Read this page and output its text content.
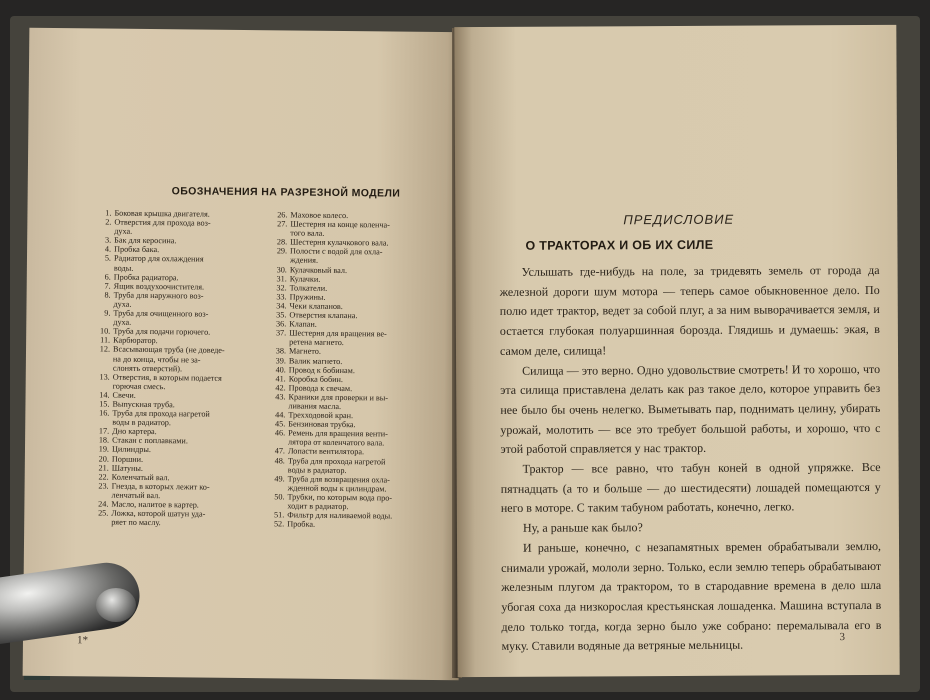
ОБОЗНАЧЕНИЯ НА РАЗРЕЗНОЙ МОДЕЛИ
1. Боковая крышка двигателя.
2. Отверстия для прохода воз-
духа.
3. Бак для керосина.
4. Пробка бака.
5. Радиатор для охлаждения
воды.
6. Пробка радиатора.
7. Ящик воздухоочистителя.
8. Труба для наружного воз-
духа.
9. Труба для очищенного воз-
духа.
10. Труба для подачи горючего.
11. Карбюратор.
12. Всасывающая труба (не доведе-
на до конца, чтобы не за-
слонять отверстий).
13. Отверстия, в которым подается
горючая смесь.
14. Свечи.
15. Выпускная труба.
16. Труба для прохода нагретой
воды в радиатор.
17. Дно картера.
18. Стакан с поплавками.
19. Цилиндры.
20. Поршни.
21. Шатуны.
22. Коленчатый вал.
23. Гнезда, в которых лежит ко-
ленчатый вал.
24. Масло, налитое в картер.
25. Ложка, которой шатун уда-
ряет по маслу.
26. Маховое колесо.
27. Шестерня на конце коленча-
того вала.
28. Шестерня кулачкового вала.
29. Полости с водой для охла-
ждения.
30. Кулачковый вал.
31. Кулачки.
32. Толкатели.
33. Пружины.
34. Чеки клапанов.
35. Отверстия клапана.
36. Клапан.
37. Шестерня для вращения ве-
ретена магнето.
38. Магнето.
39. Валик магнето.
40. Провод к бобинам.
41. Коробка бобин.
42. Провода к свечам.
43. Краники для проверки и вы-
ливания масла.
44. Трехходовой кран.
45. Бензиновая трубка.
46. Ремень для вращения венти-
лятора от коленчатого вала.
47. Лопасти вентилятора.
48. Труба для прохода нагретой
воды в радиатор.
49. Труба для возвращения охла-
жденной воды к цилиндрам.
50. Трубки, по которым вода про-
ходит в радиатор.
51. Фильтр для наливаемой воды.
52. Пробка.
1*
ПРЕДИСЛОВИЕ
О ТРАКТОРАХ И ОБ ИХ СИЛЕ

Услышать где-нибудь на поле, за тридевять земель от города да железной дороги шум мотора — теперь самое обыкновенное дело. По полю идет трактор, ведет за собой плуг, а за ним выворачивается земля, и остается глубокая полуаршинная борозда. Глядишь и думаешь: экая, в самом деле, силища!

Силища — это верно. Одно удовольствие смотреть! И то хорошо, что эта силища приставлена делать как раз такое дело, которое управить без нее было бы очень нелегко. Выметывать пар, поднимать целину, убирать урожай, молотить — все это требует большой работы, и хорошо, что с этой работой справляется у нас трактор.

Трактор — все равно, что табун коней в одной упряжке. Все пятнадцать (а то и больше — до шестидесяти) лошадей помещаются у него в моторе. С таким табуном работать, конечно, легко.

Ну, а раньше как было?

И раньше, конечно, с незапамятных времен обрабатывали землю, снимали урожай, мололи зерно. Только, если землю теперь обрабатывают железным плугом да трактором, то в стародавние времена в дело шла убогая соха да низкорослая крестьянская лошаденка. Машина вступала в дело только тогда, когда зерно было уже собрано: перемалывала его в муку. Ставили водяные да ветряные мельницы.

3
